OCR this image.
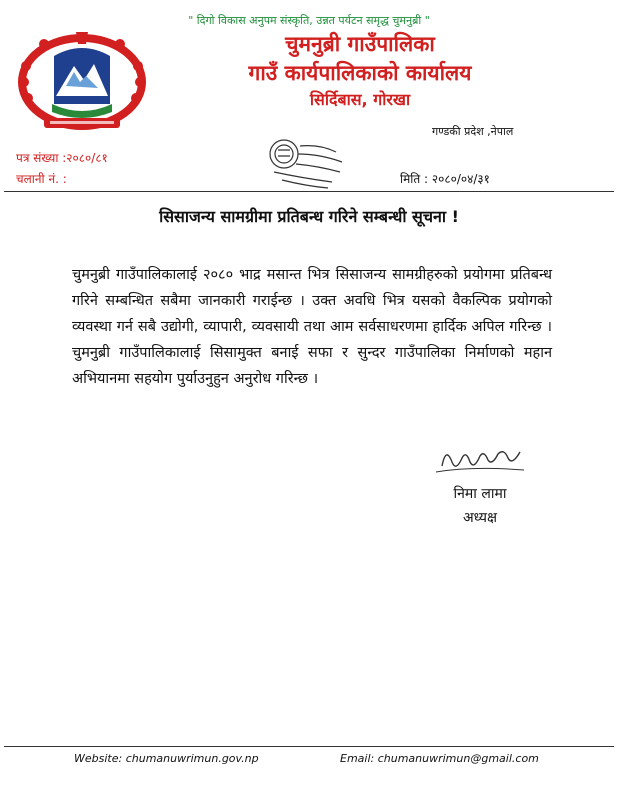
" दिगो विकास अनुपम संस्कृति, उन्नत पर्यटन समृद्ध चुमनुब्री "
चुमनुब्री गाउँपालिका
गाउँ कार्यपालिकाको कार्यालय
सिर्दिबास, गोरखा
गण्डकी प्रदेश ,नेपाल
पत्र संख्या :२०८०/८१
चलानी नं. :	मिति : २०८०/०४/३१
सिसाजन्य सामग्रीमा प्रतिबन्ध गरिने सम्बन्धी सूचना !
चुमनुब्री गाउँपालिकालाई २०८० भाद्र मसान्त भित्र सिसाजन्य सामग्रीहरुको प्रयोगमा प्रतिबन्ध गरिने सम्बन्धित सबैमा जानकारी गराईन्छ । उक्त अवधि भित्र यसको वैकल्पिक प्रयोगको व्यवस्था गर्न सबै उद्योगी, व्यापारी, व्यवसायी तथा आम सर्वसाधरणमा हार्दिक अपिल गरिन्छ । चुमनुब्री गाउँपालिकालाई सिसामुक्त बनाई सफा र सुन्दर गाउँपालिका निर्माणको महान अभियानमा सहयोग पुर्याउनुहुन अनुरोध गरिन्छ ।
निमा लामा
अध्यक्ष
Website: chumanuwrimun.gov.np	Email: chumanuwrimun@gmail.com
